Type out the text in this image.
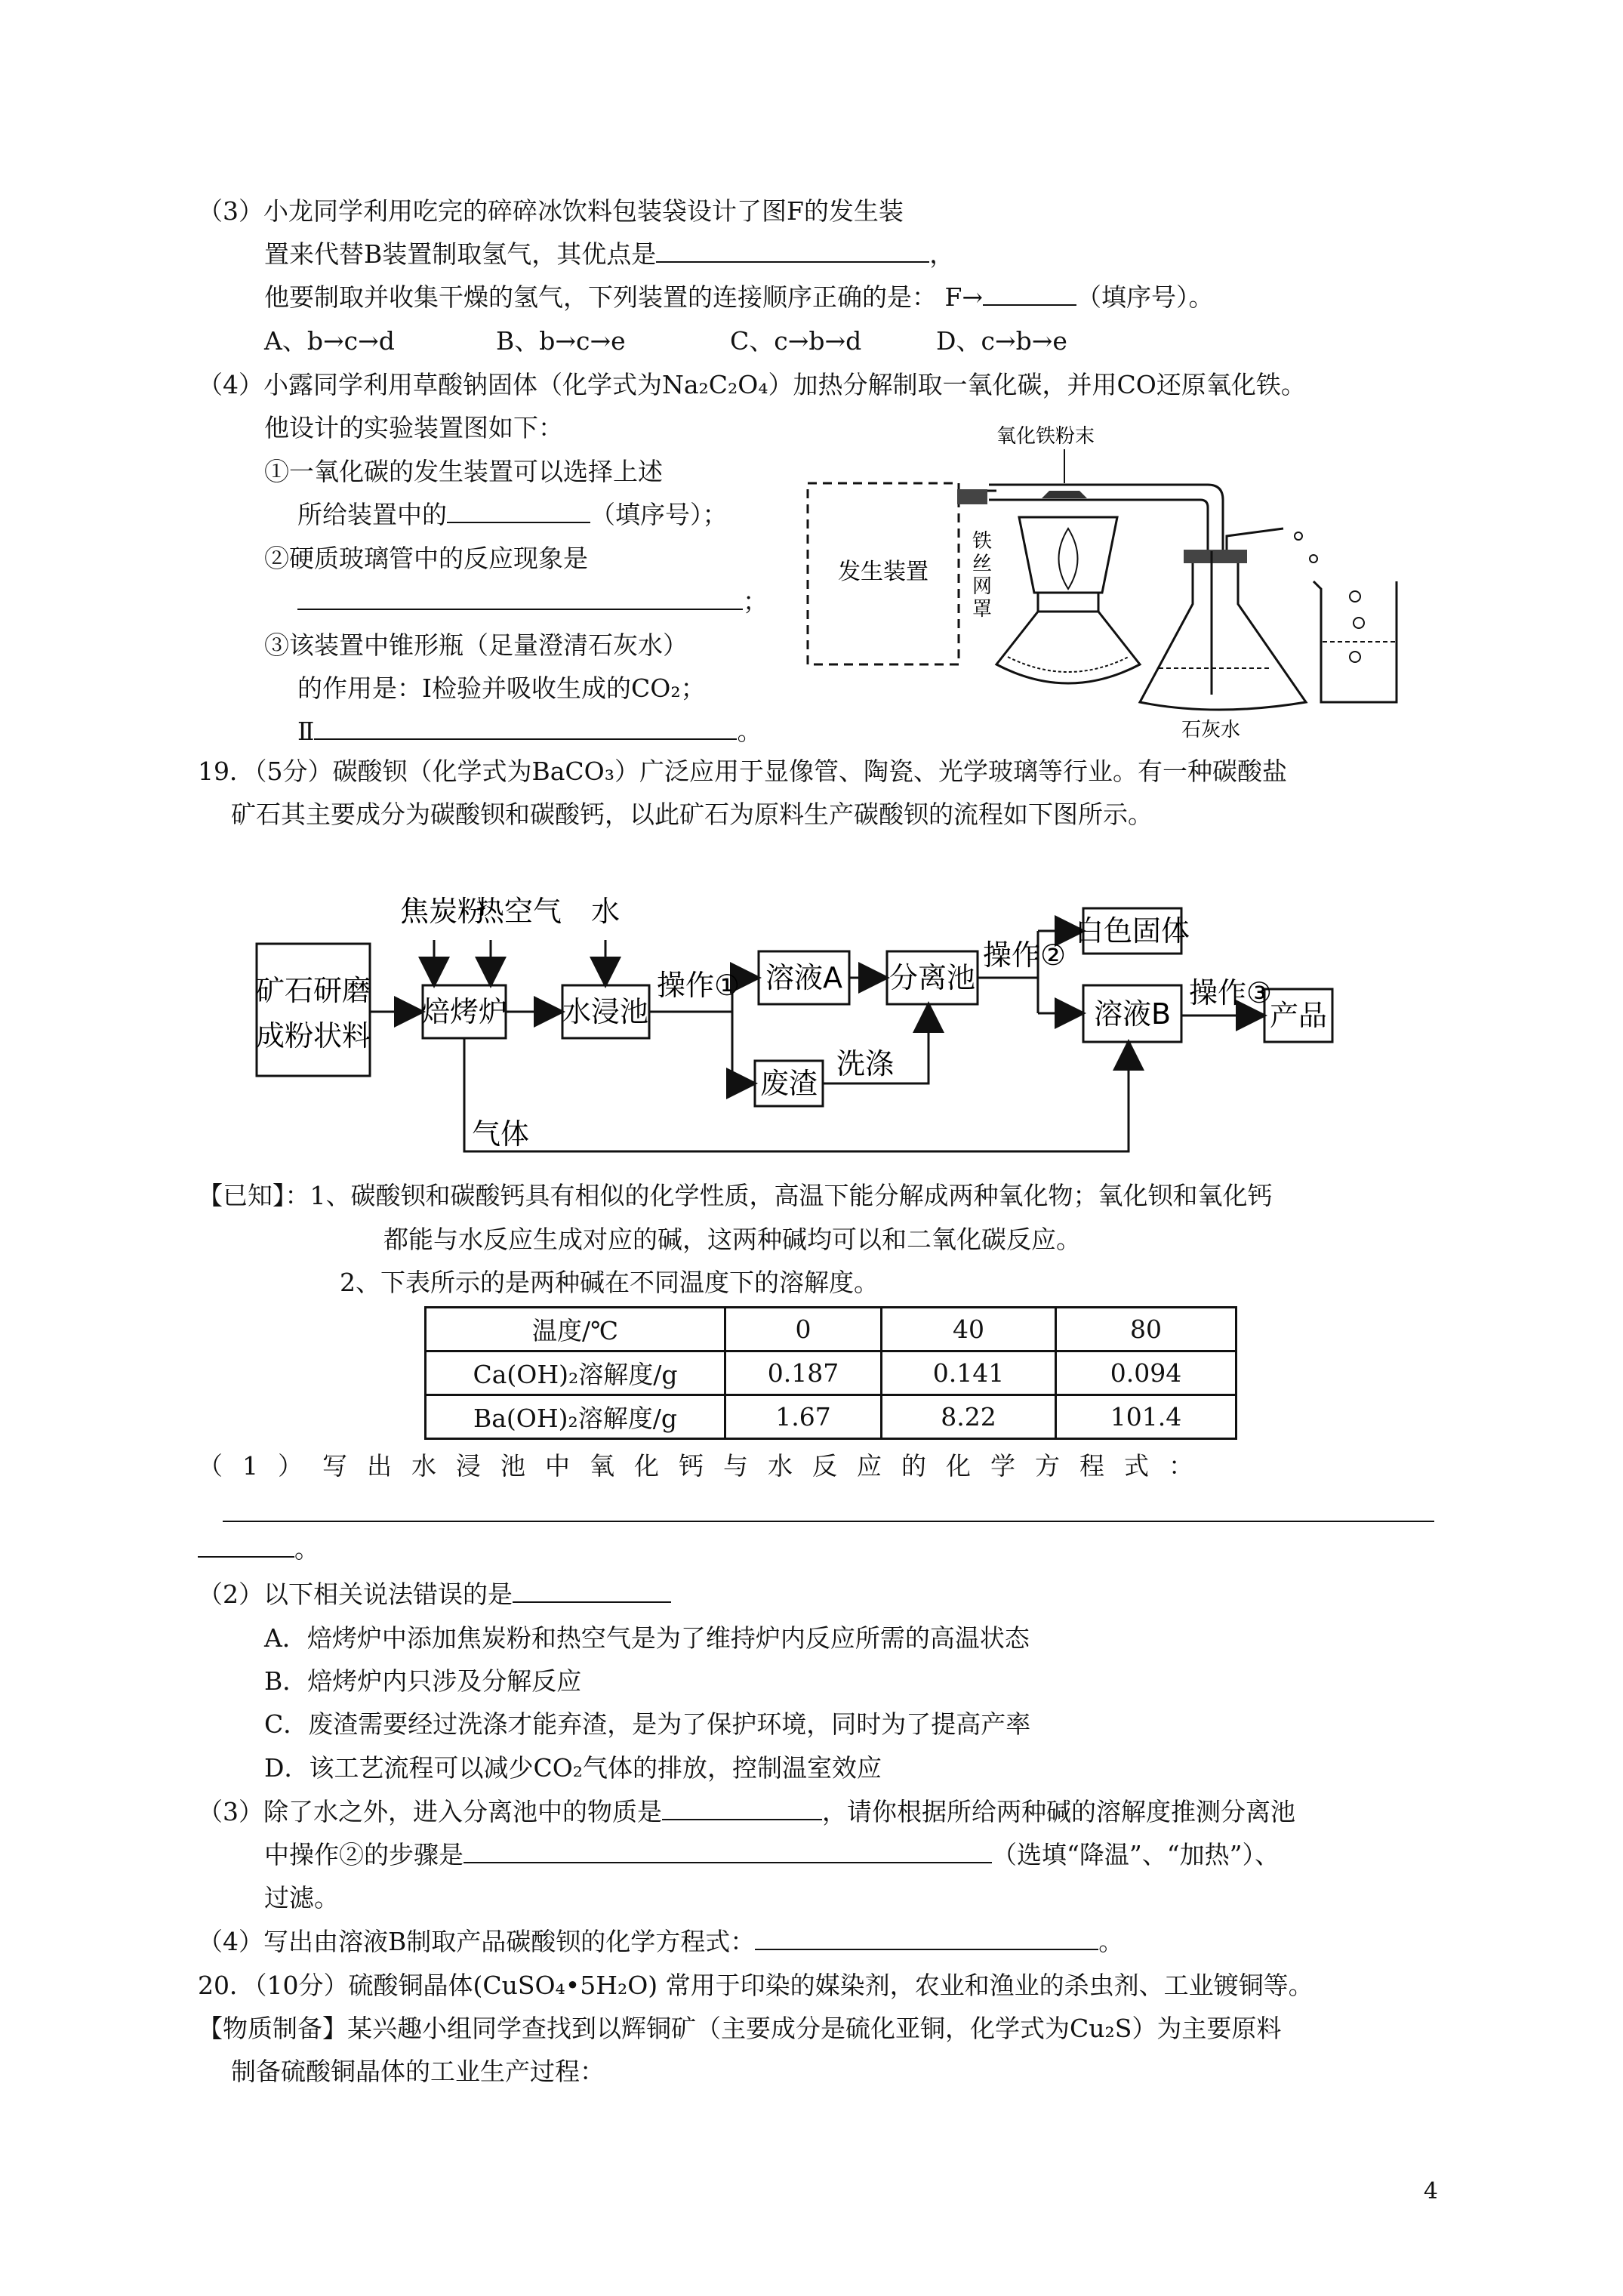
（3）小龙同学利用吃完的碎碎冰饮料包装袋设计了图F的发生装
置来代替B装置制取氢气，其优点是	，
他要制取并收集干燥的氢气，下列装置的连接顺序正确的是： F→	（填序号）。
A、b→c→d	B、b→c→e	C、c→b→d	D、c→b→e
（4）小露同学利用草酸钠固体（化学式为Na₂C₂O₄）加热分解制取一氧化碳，并用CO还原氧化铁。
他设计的实验装置图如下：
①一氧化碳的发生装置可以选择上述
所给装置中的	（填序号）；
②硬质玻璃管中的反应现象是
；
③该装置中锥形瓶（足量澄清石灰水）
的作用是：Ⅰ检验并吸收生成的CO₂；
Ⅱ	。
发生装置
氧化铁粉末
铁
丝
网
罩
石灰水
19．（5分）碳酸钡（化学式为BaCO₃）广泛应用于显像管、陶瓷、光学玻璃等行业。有一种碳酸盐
矿石其主要成分为碳酸钡和碳酸钙，以此矿石为原料生产碳酸钡的流程如下图所示。
矿石研磨
成粉状料
焦炭粉
热空气 水
焙烤炉 水浸池
操作① 溶液A 分离池
操作②
白色固体
废渣
洗涤
溶液B
操作③
产品
气体
【已知】：1、碳酸钡和碳酸钙具有相似的化学性质，高温下能分解成两种氧化物；氧化钡和氧化钙
都能与水反应生成对应的碱，这两种碱均可以和二氧化碳反应。
2、下表所示的是两种碱在不同温度下的溶解度。
温度/℃	0	40	80
Ca(OH)₂溶解度/g	0.187	0.141	0.094
Ba(OH)₂溶解度/g	1.67	8.22	101.4
（1）写出水浸池中氧化钙与水反应的化学方程式：
。
（2）以下相关说法错误的是
A．焙烤炉中添加焦炭粉和热空气是为了维持炉内反应所需的高温状态
B．焙烤炉内只涉及分解反应
C．废渣需要经过洗涤才能弃渣，是为了保护环境，同时为了提高产率
D．该工艺流程可以减少CO₂气体的排放，控制温室效应
（3）除了水之外，进入分离池中的物质是	，请你根据所给两种碱的溶解度推测分离池
中操作②的步骤是	（选填“降温”、“加热”）、
过滤。
（4）写出由溶液B制取产品碳酸钡的化学方程式：	。
20．（10分）硫酸铜晶体(CuSO₄•5H₂O) 常用于印染的媒染剂，农业和渔业的杀虫剂、工业镀铜等。
【物质制备】某兴趣小组同学查找到以辉铜矿（主要成分是硫化亚铜，化学式为Cu₂S）为主要原料
制备硫酸铜晶体的工业生产过程：
4
